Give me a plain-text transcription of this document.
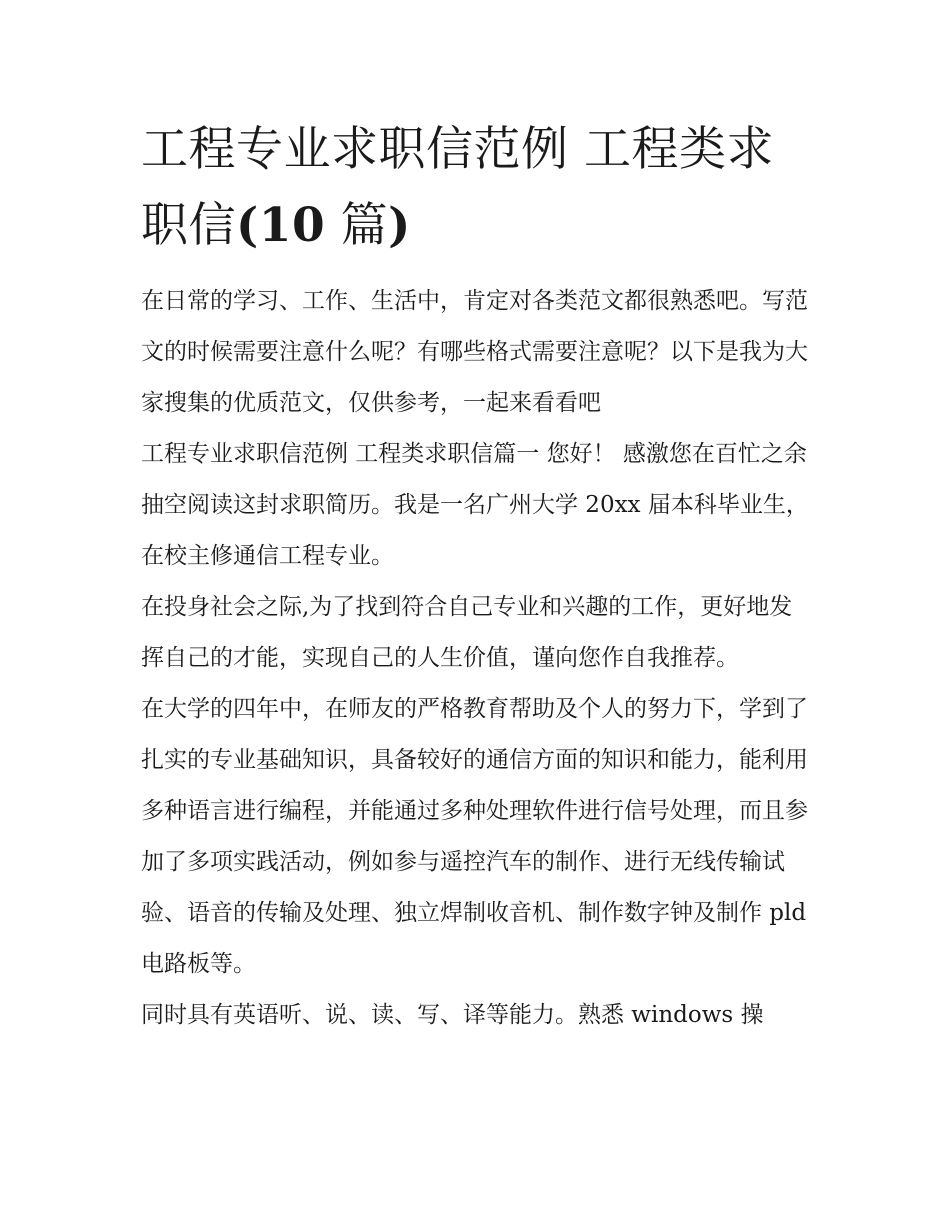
工程专业求职信范例 工程类求职信(10 篇)

在日常的学习、工作、生活中，肯定对各类范文都很熟悉吧。写范文的时候需要注意什么呢？有哪些格式需要注意呢？以下是我为大家搜集的优质范文，仅供参考，一起来看看吧

工程专业求职信范例 工程类求职信篇一 您好！ 感激您在百忙之余抽空阅读这封求职简历。我是一名广州大学 20xx 届本科毕业生，在校主修通信工程专业。

在投身社会之际,为了找到符合自己专业和兴趣的工作，更好地发挥自己的才能，实现自己的人生价值，谨向您作自我推荐。

在大学的四年中，在师友的严格教育帮助及个人的努力下，学到了扎实的专业基础知识，具备较好的通信方面的知识和能力，能利用多种语言进行编程，并能通过多种处理软件进行信号处理，而且参加了多项实践活动，例如参与遥控汽车的制作、进行无线传输试验、语音的传输及处理、独立焊制收音机、制作数字钟及制作 pld 电路板等。

同时具有英语听、说、读、写、译等能力。熟悉 windows 操
